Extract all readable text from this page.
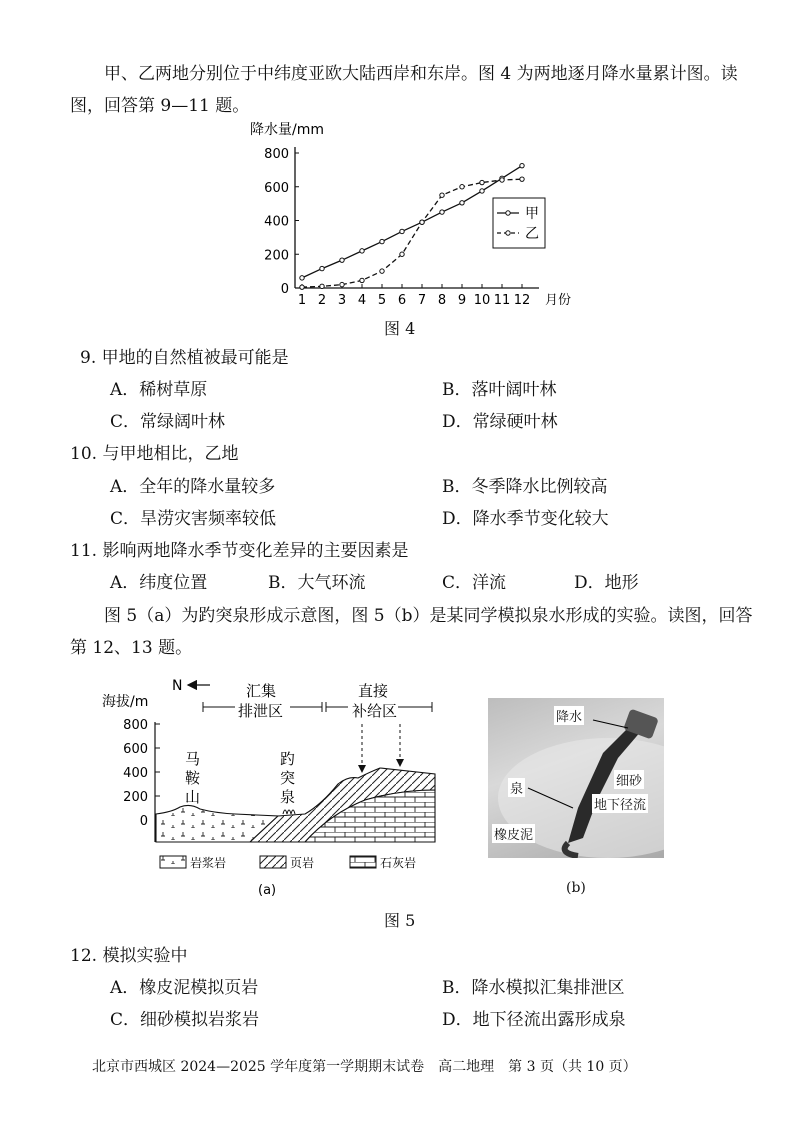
甲、乙两地分别位于中纬度亚欧大陆西岸和东岸。图 4 为两地逐月降水量累计图。读
图，回答第 9—11 题。
降水量/mm
0
200
400
600
800
1 2 3 4 5 6 7 8 9 10 11 12 月份
甲
乙
图 4
9. 甲地的自然植被最可能是
A．稀树草原	B．落叶阔叶林
C．常绿阔叶林	D．常绿硬叶林
10. 与甲地相比，乙地
A．全年的降水量较多	B．冬季降水比例较高
C．旱涝灾害频率较低	D．降水季节变化较大
11. 影响两地降水季节变化差异的主要因素是
A．纬度位置	B．大气环流	C．洋流	D．地形
图 5（a）为趵突泉形成示意图，图 5（b）是某同学模拟泉水形成的实验。读图，回答
第 12、13 题。
N
海拔/m
汇集
排泄区
直接
补给区
800
600
400
200
0
马
鞍
山
趵
突
泉
岩浆岩	页岩	石灰岩
(a)
降水
细砂
泉
地下径流
橡皮泥
(b)
图 5
12. 模拟实验中
A．橡皮泥模拟页岩	B．降水模拟汇集排泄区
C．细砂模拟岩浆岩	D．地下径流出露形成泉
北京市西城区 2024—2025 学年度第一学期期末试卷　高二地理　第 3 页（共 10 页）
